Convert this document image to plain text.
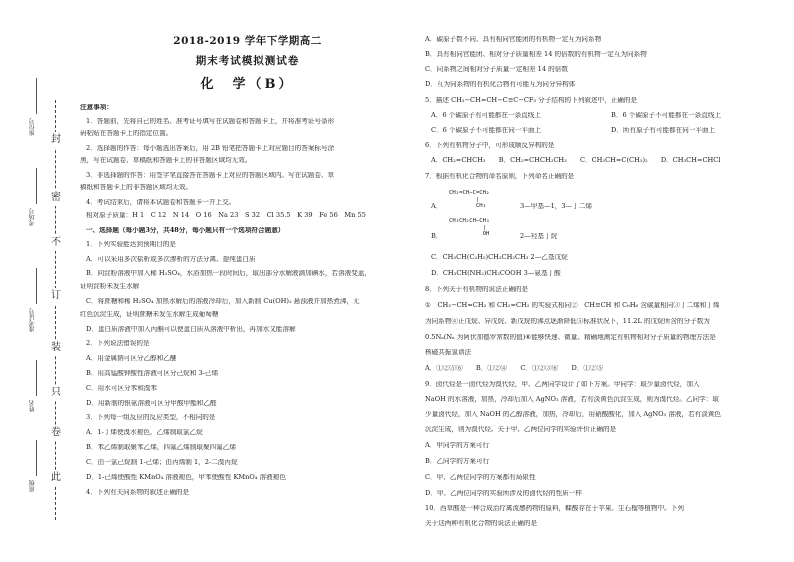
封
密
不
订
装
只
卷
此
座位号
考场号
准考证号
姓名
班级
2018-2019 学年下学期高二
期末考试模拟测试卷
化　学（B）

注意事项：

1．答题前，先将自己的姓名、准考证号填写在试题卷和答题卡上，并将准考证号条形

码粘贴在答题卡上的指定位置。

2．选择题的作答：每小题选出答案后，用 2B 铅笔把答题卡上对应题目的答案标号涂

黑，写在试题卷、草稿纸和答题卡上的非答题区域均无效。

3．非选择题的作答：用签字笔直接答在答题卡上对应的答题区域内。写在试题卷、草

稿纸和答题卡上的非答题区域均无效。

4．考试结束后，请将本试题卷和答题卡一并上交。

相对原子质量：H 1　C 12　N 14　O 16　Na 23　S 32　Cl 35.5　K 39　Fe 56　Mn 55

一、选择题（每小题3分，共48分，每小题只有一个选项符合题意）

1．下列实验能达到预期目的是

A．可以采用多次盐析或多次渗析的方法分离、提纯蛋白质

B．向淀粉溶液中加入稀 H₂SO₄，水浴加热一段时间后，取出部分水解液滴加碘水，若溶液变蓝，

证明淀粉未发生水解

C．将蔗糖和稀 H₂SO₄ 加热水解后的溶液冷却后，加入新制 Cu(OH)₂ 悬浊液并加热煮沸，无

红色沉淀生成，证明蔗糖未发生水解生成葡萄糖

D．蛋白质溶液中加入丙酮可以使蛋白质从溶液中析出，再加水又能溶解

2．下列说法错误的是

A．用金属钠可区分乙醇和乙醚

B．用高锰酸钾酸性溶液可区分己烷和 3-己烯

C．用水可区分苯和溴苯

D．用新制的银氨溶液可区分甲酸甲酯和乙醛

3．下列每一组反应的反应类型，不相同的是

A．1-丁烯使溴水褪色，乙烯制取氯乙烷

B．苯乙烯制取聚苯乙烯，四氟乙烯制取聚四氟乙烯

C．由一氯己烷制 1-己烯；由丙烯制 1，2-二溴丙烷

D．1-己烯使酸性 KMnO₄ 溶液褪色，甲苯使酸性 KMnO₄ 溶液褪色

4．下列有关同系物的叙述正确的是

A．碳原子数不同、具有相同官能团的有机物一定互为同系物

B．具有相同官能团、相对分子质量相差 14 的倍数的有机物一定互为同系物

C．同系物之间相对分子质量一定相差 14 的倍数

D．互为同系物的有机化合物有可能互为同分异构体

5．描述 CH₃−CH=CH−C≡C−CF₃ 分子结构的下列叙述中，正确的是

A．6 个碳原子有可能都在一条直线上	B．6 个碳原子不可能都在一条直线上

C．6 个碳原子不可能都在同一平面上	D．所有原子有可能都在同一平面上

6．下列有机物分子中，可形成顺反异构的是

A．CH₂=CHCH₃　　B．CH₂=CHCH₂CH₃　　C．CH₃CH=C(CH₃)₂　　D．CH₃CH=CHCl

7．根据有机化合物的命名原则，下列命名正确的是

A．	3—甲基—1，3—丁二烯

B．	2—羟基丁烷

C．CH₃CH(C₂H₅)CH₂CH₂CH₃ 2—乙基戊烷

D．CH₃CH(NH₂)CH₂COOH 3—氨基丁酸

8．下列关于有机物的说法正确的是

①　CH₃−CH=CH₂ 和 CH₂=CH₂ 的实验式相同②　CH≡CH 和 C₆H₆ 含碳量相同③丁二烯和丁烯

为同系物④正戊烷、异戊烷、新戊烷的沸点逐渐降低⑤标准状况下，11.2L 的戊烷所含的分子数为

0.5Nₐ(Nₐ 为阿伏加德罗常数的值)⑥能够快速、微量、精确地测定有机物相对分子质量的物理方法是

核磁共振氢谱法

A．①②⑤⑥　　B．①②④　　C．①②③⑥　　D．①②⑤

9．卤代烃是一卤代烃为溴代烃，甲、乙两同学设计了如下方案。甲同学：取少量卤代烃，加入

NaOH 的水溶液，加热，冷却后加入 AgNO₃ 溶液，若有淡黄色沉淀生成，则为溴代烃。乙同学：取

少量卤代烃，加入 NaOH 的乙醇溶液，加热，冷却后，用硝酸酸化，加入 AgNO₃ 溶液，若有淡黄色

沉淀生成，则为溴代烃。关于甲、乙两位同学的实验评价正确的是

A．甲同学的方案可行

B．乙同学的方案可行

C．甲、乙两位同学的方案都有局限性

D．甲、乙两位同学的实验所涉及的卤代烃的性质一样

10．西草酸是一种合成治疗禽流感药物的原料，鞣酸存在于苹果、生石榴等植物中。下列

关于这两种有机化合物的说法正确的是

CH₂=CH−C=CH₂
|
CH₃
CH₃CH₂CH−CH₃
|
OH
